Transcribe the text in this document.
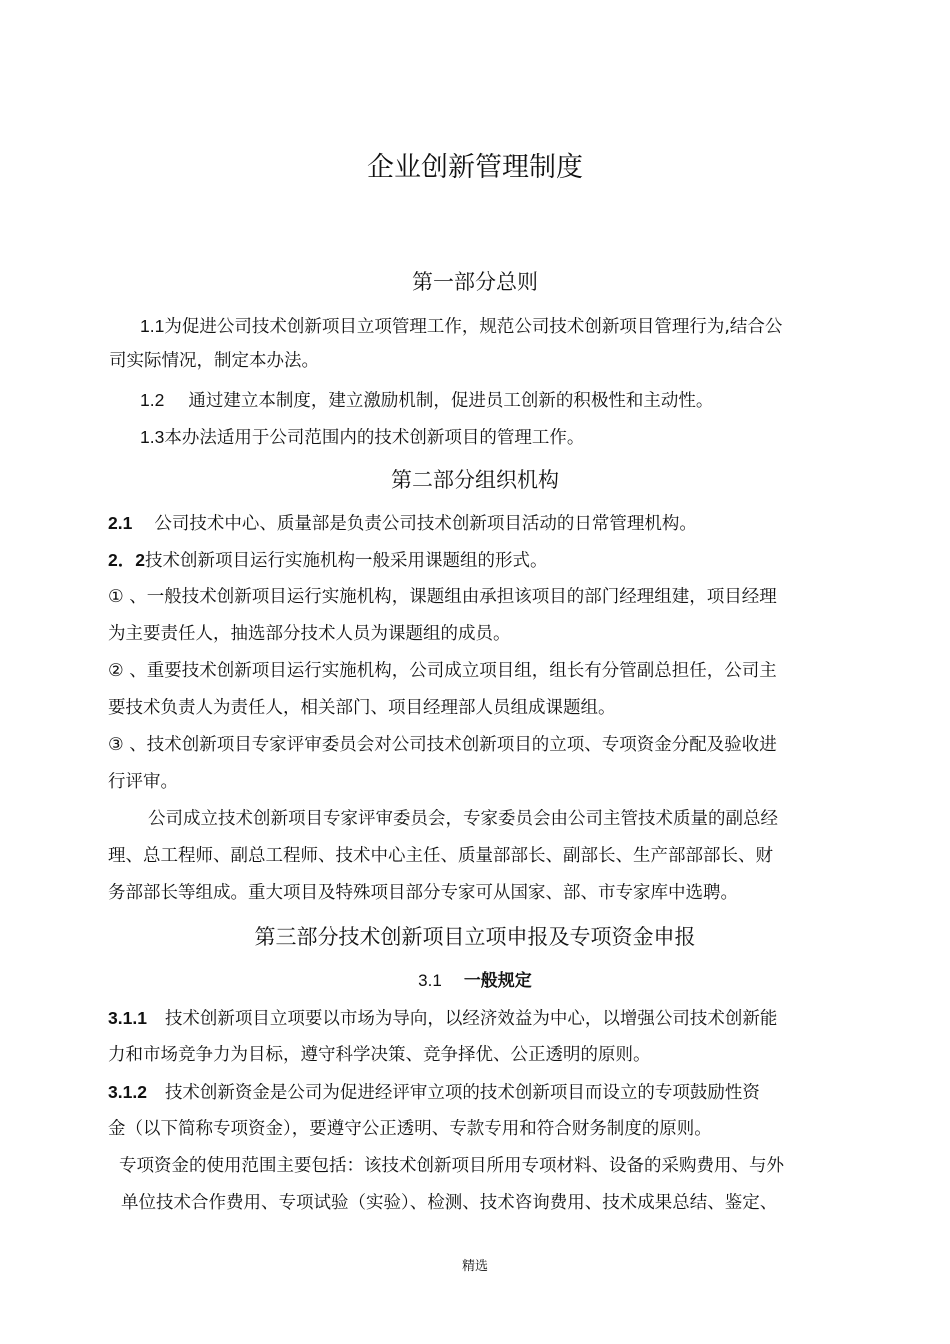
企业创新管理制度
第一部分总则
1.1为促进公司技术创新项目立项管理工作，规范公司技术创新项目管理行为,结合公
司实际情况，制定本办法。
1.2 通过建立本制度，建立激励机制，促进员工创新的积极性和主动性。
1.3本办法适用于公司范围内的技术创新项目的管理工作。
第二部分组织机构
2.1 公司技术中心、质量部是负责公司技术创新项目活动的日常管理机构。
2．2技术创新项目运行实施机构一般采用课题组的形式。
① 、一般技术创新项目运行实施机构，课题组由承担该项目的部门经理组建，项目经理
为主要责任人，抽选部分技术人员为课题组的成员。
② 、重要技术创新项目运行实施机构，公司成立项目组，组长有分管副总担任，公司主
要技术负责人为责任人，相关部门、项目经理部人员组成课题组。
③ 、技术创新项目专家评审委员会对公司技术创新项目的立项、专项资金分配及验收进
行评审。
公司成立技术创新项目专家评审委员会，专家委员会由公司主管技术质量的副总经
理、总工程师、副总工程师、技术中心主任、质量部部长、副部长、生产部部部长、财
务部部长等组成。重大项目及特殊项目部分专家可从国家、部、市专家库中选聘。
第三部分技术创新项目立项申报及专项资金申报
3.1 一般规定
3.1.1 技术创新项目立项要以市场为导向，以经济效益为中心，以增强公司技术创新能
力和市场竞争力为目标，遵守科学决策、竞争择优、公正透明的原则。
3.1.2 技术创新资金是公司为促进经评审立项的技术创新项目而设立的专项鼓励性资
金（以下简称专项资金），要遵守公正透明、专款专用和符合财务制度的原则。
专项资金的使用范围主要包括：该技术创新项目所用专项材料、设备的采购费用、与外
单位技术合作费用、专项试验（实验）、检测、技术咨询费用、技术成果总结、鉴定、
精选
